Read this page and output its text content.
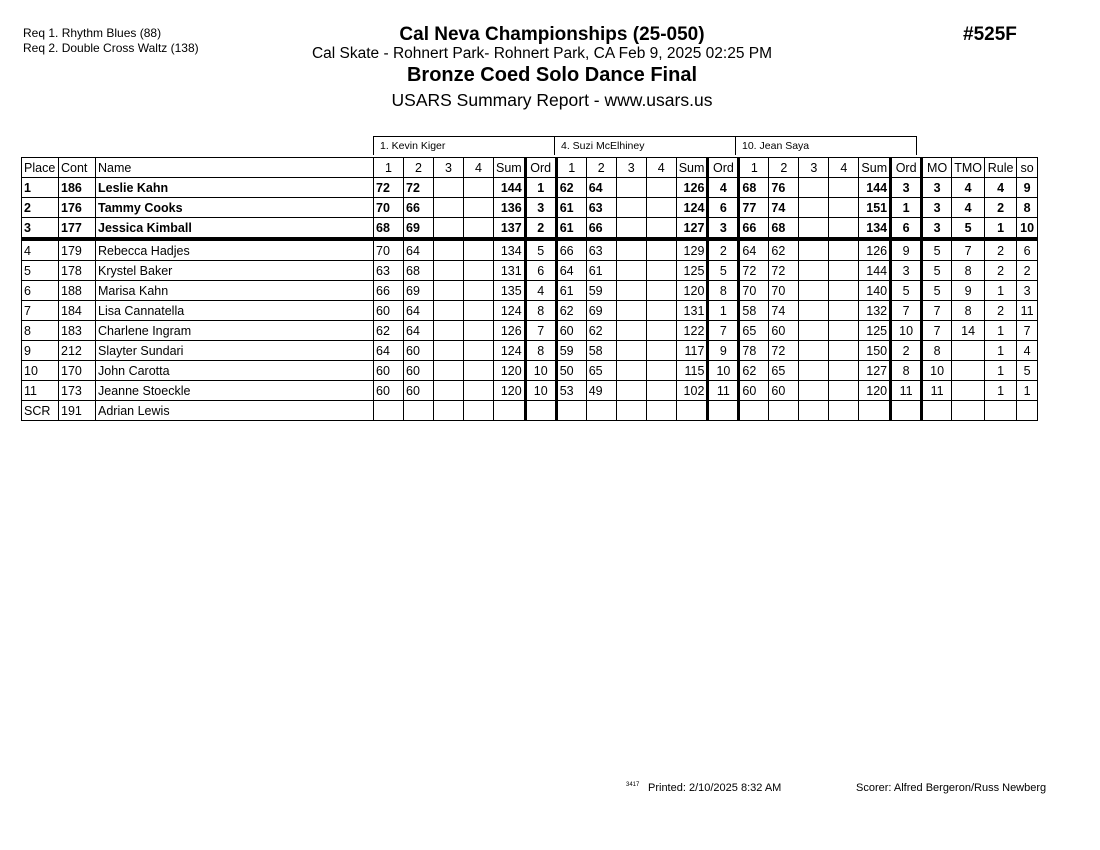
Req 1. Rhythm Blues (88)
Req 2. Double Cross Waltz (138)
Cal Neva Championships (25-050)
Cal Skate - Rohnert Park- Rohnert Park, CA Feb 9, 2025 02:25 PM
Bronze Coed Solo Dance Final
USARS Summary Report - www.usars.us
#525F
1. Kevin Kiger	4. Suzi McElhiney	10. Jean Saya
Place	Cont	Name	1	2	3	4	Sum	Ord	1	2	3	4	Sum	Ord	1	2	3	4	Sum	Ord	MO	TMO	Rule	so
1	186	Leslie Kahn	72	72			144	1	62	64			126	4	68	76			144	3	3	4	4	9
2	176	Tammy Cooks	70	66			136	3	61	63			124	6	77	74			151	1	3	4	2	8
3	177	Jessica Kimball	68	69			137	2	61	66			127	3	66	68			134	6	3	5	1	10
4	179	Rebecca Hadjes	70	64			134	5	66	63			129	2	64	62			126	9	5	7	2	6
5	178	Krystel Baker	63	68			131	6	64	61			125	5	72	72			144	3	5	8	2	2
6	188	Marisa Kahn	66	69			135	4	61	59			120	8	70	70			140	5	5	9	1	3
7	184	Lisa Cannatella	60	64			124	8	62	69			131	1	58	74			132	7	7	8	2	11
8	183	Charlene Ingram	62	64			126	7	60	62			122	7	65	60			125	10	7	14	1	7
9	212	Slayter Sundari	64	60			124	8	59	58			117	9	78	72			150	2	8		1	4
10	170	John Carotta	60	60			120	10	50	65			115	10	62	65			127	8	10		1	5
11	173	Jeanne Stoeckle	60	60			120	10	53	49			102	11	60	60			120	11	11		1	1
SCR	191	Adrian Lewis																						
3417 Printed: 2/10/2025 8:32 AM	Scorer: Alfred Bergeron/Russ Newberg
